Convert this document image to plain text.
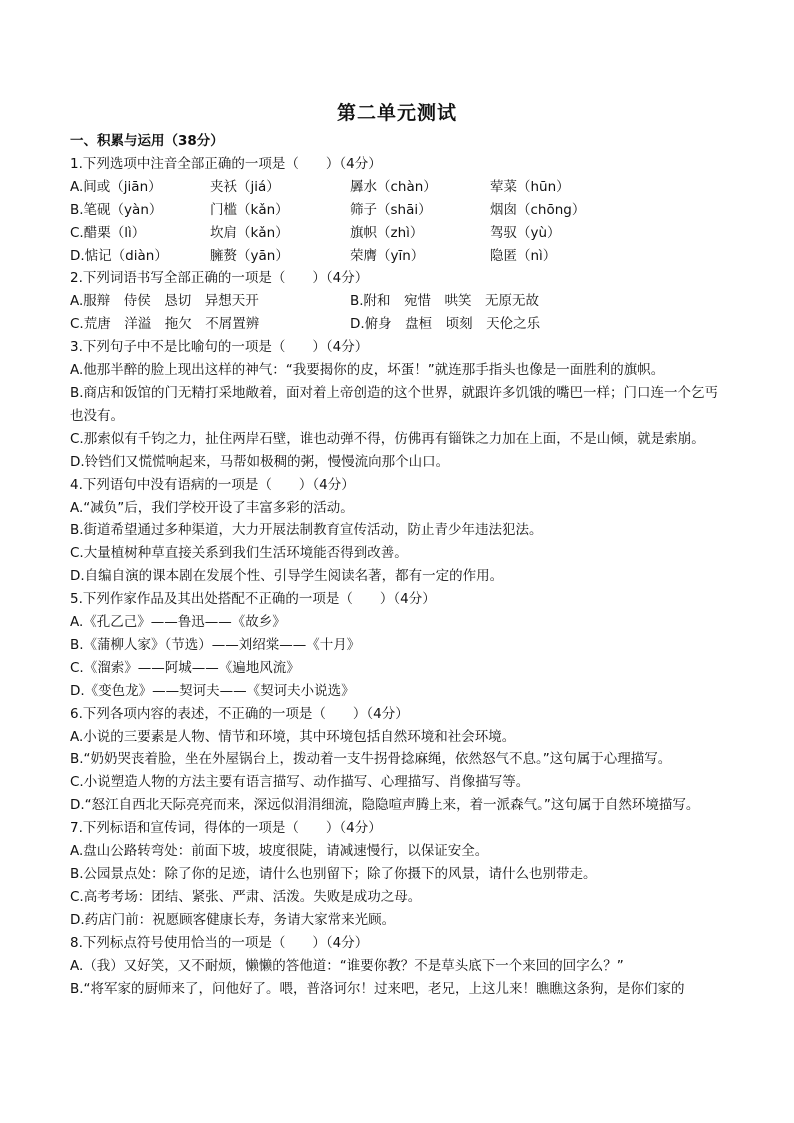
第二单元测试
一、积累与运用（38分）
1.下列选项中注音全部正确的一项是（　　）（4分）
A.间或（jiān）	夹袄（jiá）	羼水（chàn）	荤菜（hūn）
B.笔砚（yàn）	门槛（kǎn）	筛子（shāi）	烟囱（chōng）
C.醋栗（lì）	坎肩（kǎn）	旗帜（zhì）	驾驭（yù）
D.惦记（diàn）	臃赘（yān）	荣膺（yīn）	隐匿（nì）
2.下列词语书写全部正确的一项是（　　）（4分）
A.服辩　侍侯　恳切　异想天开	B.附和　宛惜　哄笑　无原无故
C.荒唐　洋溢　拖欠　不屑置辨	D.俯身　盘桓　顷刻　天伦之乐
3.下列句子中不是比喻句的一项是（　　）（4分）
A.他那半醉的脸上现出这样的神气：“我要揭你的皮，坏蛋！”就连那手指头也像是一面胜利的旗帜。
B.商店和饭馆的门无精打采地敞着，面对着上帝创造的这个世界，就跟许多饥饿的嘴巴一样；门口连一个乞丐也没有。
C.那索似有千钧之力，扯住两岸石壁，谁也动弹不得，仿佛再有锱铢之力加在上面，不是山倾，就是索崩。
D.铃铛们又慌慌响起来，马帮如极稠的粥，慢慢流向那个山口。
4.下列语句中没有语病的一项是（　　）（4分）
A.“减负”后，我们学校开设了丰富多彩的活动。
B.街道希望通过多种渠道，大力开展法制教育宣传活动，防止青少年违法犯法。
C.大量植树种草直接关系到我们生活环境能否得到改善。
D.自编自演的课本剧在发展个性、引导学生阅读名著，都有一定的作用。
5.下列作家作品及其出处搭配不正确的一项是（　　）（4分）
A.《孔乙己》——鲁迅——《故乡》
B.《蒲柳人家》（节选）——刘绍棠——《十月》
C.《溜索》——阿城——《遍地风流》
D.《变色龙》——契诃夫——《契诃夫小说选》
6.下列各项内容的表述，不正确的一项是（　　）（4分）
A.小说的三要素是人物、情节和环境，其中环境包括自然环境和社会环境。
B.“奶奶哭丧着脸，坐在外屋锅台上，拨动着一支牛拐骨捻麻绳，依然怒气不息。”这句属于心理描写。
C.小说塑造人物的方法主要有语言描写、动作描写、心理描写、肖像描写等。
D.“怒江自西北天际亮亮而来，深远似涓涓细流，隐隐喧声腾上来，着一派森气。”这句属于自然环境描写。
7.下列标语和宣传词，得体的一项是（　　）（4分）
A.盘山公路转弯处：前面下坡，坡度很陡，请减速慢行，以保证安全。
B.公园景点处：除了你的足迹，请什么也别留下；除了你摄下的风景，请什么也别带走。
C.高考考场：团结、紧张、严肃、活泼。失败是成功之母。
D.药店门前：祝愿顾客健康长寿，务请大家常来光顾。
8.下列标点符号使用恰当的一项是（　　）（4分）
A.（我）又好笑，又不耐烦，懒懒的答他道：“谁要你教？不是草头底下一个来回的回字么？”
B.“将军家的厨师来了，问他好了。喂，普洛诃尔！过来吧，老兄，上这儿来！瞧瞧这条狗，是你们家的
